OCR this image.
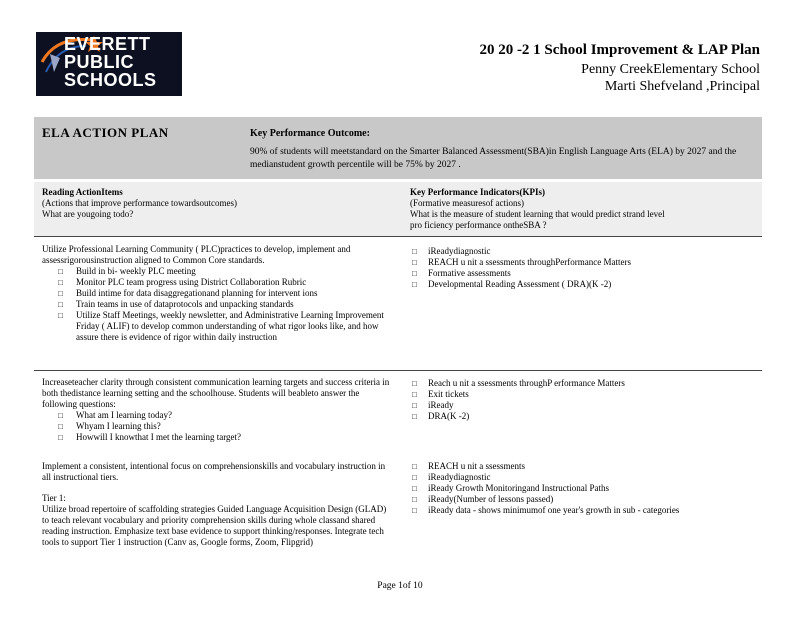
EVERETT
PUBLIC
SCHOOLS
20 20 -2 1 School Improvement & LAP Plan
Penny CreekElementary School
Marti Shefveland ,Principal
ELA ACTION PLAN	Key Performance Outcome:
90% of students will meetstandard on the Smarter Balanced Assessment(SBA)in English Language Arts (ELA) by 2027 and the medianstudent growth percentile will be 75% by 2027 .
Reading ActionItems
(Actions that improve performance towardsoutcomes)
What are yougoing todo?
Key Performance Indicators(KPIs)
(Formative measuresof actions)
What is the measure of student learning that would predict strand level
pro ficiency performance ontheSBA ?
Utilize Professional Learning Community ( PLC)practices to develop, implement and assessrigorousinstruction aligned to Common Core standards.
□ Build in bi- weekly PLC meeting
□ Monitor PLC team progress using District Collaboration Rubric
□ Build intime for data disaggregationand planning for intervent ions
□ Train teams in use of dataprotocols and unpacking standards
□ Utilize Staff Meetings, weekly newsletter, and Administrative Learning Improvement Friday ( ALIF) to develop common understanding of what rigor looks like, and how assure there is evidence of rigor within daily instruction
□ iReadydiagnostic
□ REACH u nit a ssessments throughPerformance Matters
□ Formative assessments
□ Developmental Reading Assessment ( DRA)(K -2)
Increaseteacher clarity through consistent communication learning targets and success criteria in both thedistance learning setting and the schoolhouse. Students will beableto answer the following questions:
□ What am I learning today?
□ Whyam I learning this?
□ Howwill I knowthat I met the learning target?
□ Reach u nit a ssessments throughP erformance Matters
□ Exit tickets
□ iReady
□ DRA(K -2)
Implement a consistent, intentional focus on comprehensionskills and vocabulary instruction in all instructional tiers.
Tier 1:
Utilize broad repertoire of scaffolding strategies Guided Language Acquisition Design (GLAD) to teach relevant vocabulary and priority comprehension skills during whole classand shared reading instruction. Emphasize text base evidence to support thinking/responses. Integrate tech tools to support Tier 1 instruction (Canv as, Google forms, Zoom, Flipgrid)
□ REACH u nit a ssessments
□ iReadydiagnostic
□ iReady Growth Monitoringand Instructional Paths
□ iReady(Number of lessons passed)
□ iReady data - shows minimumof one year's growth in sub - categories
Page 1of 10
